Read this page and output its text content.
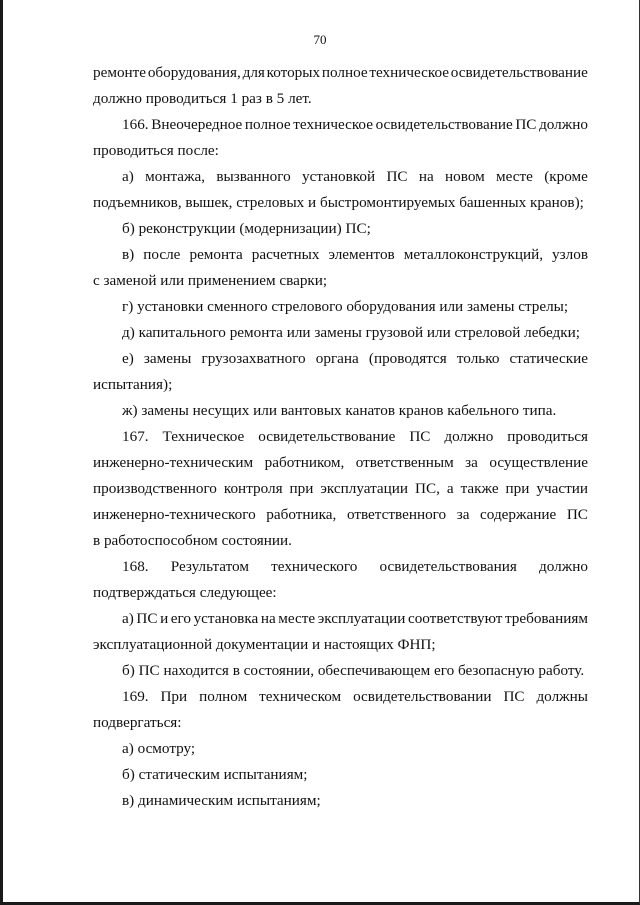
70
ремонте оборудования, для которых полное техническое освидетельствование
должно проводиться 1 раз в 5 лет.
166. Внеочередное полное техническое освидетельствование ПС должно
проводиться после:
а) монтажа, вызванного установкой ПС на новом месте (кроме
подъемников, вышек, стреловых и быстромонтируемых башенных кранов);
б) реконструкции (модернизации) ПС;
в) после ремонта расчетных элементов металлоконструкций, узлов
с заменой или применением сварки;
г) установки сменного стрелового оборудования или замены стрелы;
д) капитального ремонта или замены грузовой или стреловой лебедки;
е) замены грузозахватного органа (проводятся только статические
испытания);
ж) замены несущих или вантовых канатов кранов кабельного типа.
167. Техническое освидетельствование ПС должно проводиться
инженерно-техническим работником, ответственным за осуществление
производственного контроля при эксплуатации ПС, а также при участии
инженерно-технического работника, ответственного за содержание ПС
в работоспособном состоянии.
168. Результатом технического освидетельствования должно
подтверждаться следующее:
а) ПС и его установка на месте эксплуатации соответствуют требованиям
эксплуатационной документации и настоящих ФНП;
б) ПС находится в состоянии, обеспечивающем его безопасную работу.
169. При полном техническом освидетельствовании ПС должны
подвергаться:
а) осмотру;
б) статическим испытаниям;
в) динамическим испытаниям;
